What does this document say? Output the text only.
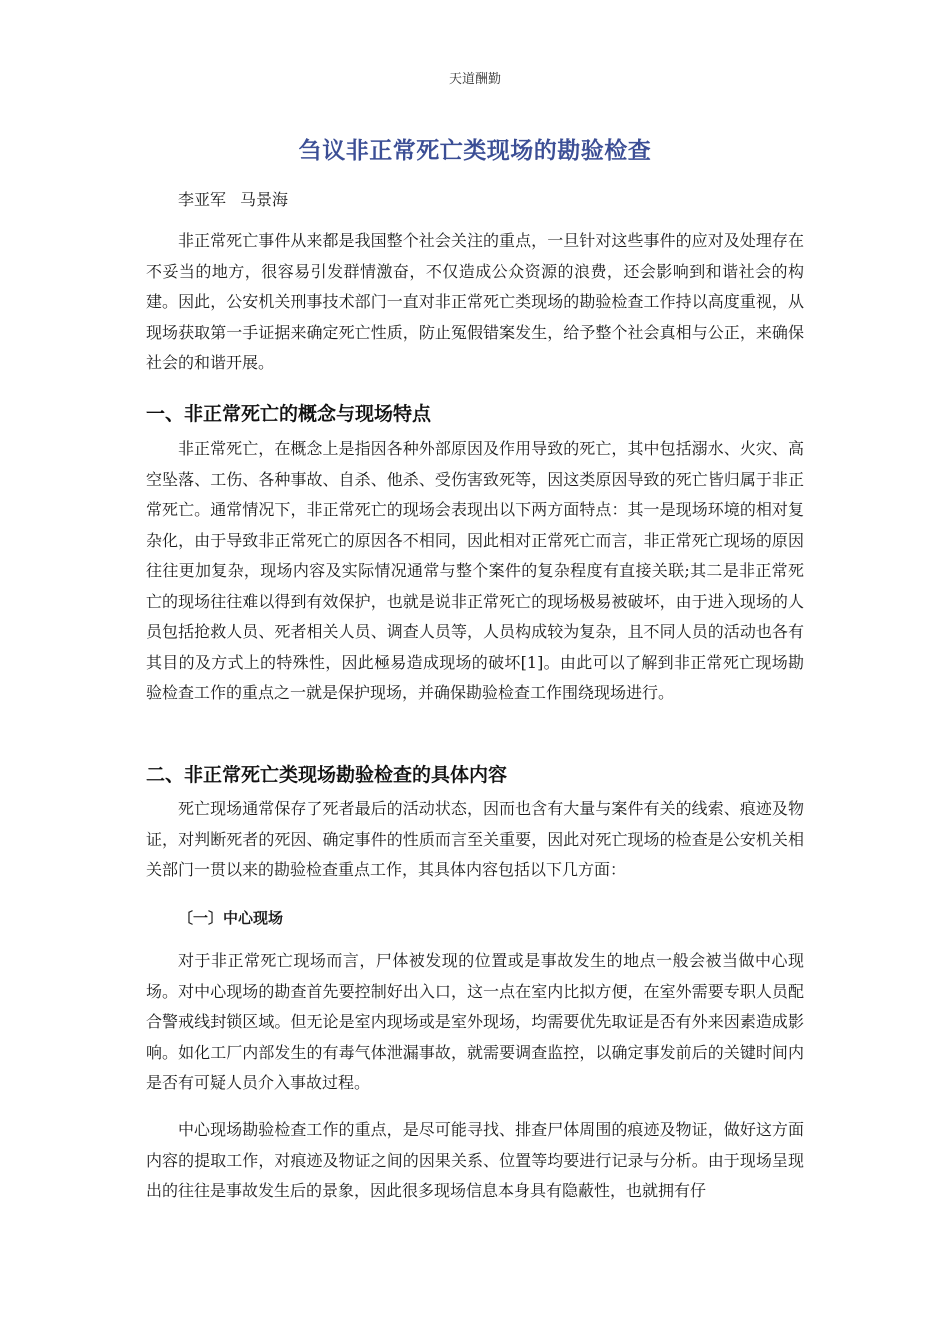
天道酬勤
刍议非正常死亡类现场的勘验检查
李亚军 马景海

非正常死亡事件从来都是我国整个社会关注的重点，一旦针对这些事件的应对及处理存在不妥当的地方，很容易引发群情激奋，不仅造成公众资源的浪费，还会影响到和谐社会的构建。因此，公安机关刑事技术部门一直对非正常死亡类现场的勘验检查工作持以高度重视，从现场获取第一手证据来确定死亡性质，防止冤假错案发生，给予整个社会真相与公正，来确保社会的和谐开展。

一、非正常死亡的概念与现场特点

非正常死亡，在概念上是指因各种外部原因及作用导致的死亡，其中包括溺水、火灾、高空坠落、工伤、各种事故、自杀、他杀、受伤害致死等，因这类原因导致的死亡皆归属于非正常死亡。通常情况下，非正常死亡的现场会表现出以下两方面特点：其一是现场环境的相对复杂化，由于导致非正常死亡的原因各不相同，因此相对正常死亡而言，非正常死亡现场的原因往往更加复杂，现场内容及实际情况通常与整个案件的复杂程度有直接关联;其二是非正常死亡的现场往往难以得到有效保护，也就是说非正常死亡的现场极易被破坏，由于进入现场的人员包括抢救人员、死者相关人员、调查人员等，人员构成较为复杂，且不同人员的活动也各有其目的及方式上的特殊性，因此極易造成现场的破坏[1]。由此可以了解到非正常死亡现场勘验检查工作的重点之一就是保护现场，并确保勘验检查工作围绕现场进行。

二、非正常死亡类现场勘验检查的具体内容

死亡现场通常保存了死者最后的活动状态，因而也含有大量与案件有关的线索、痕迹及物证，对判断死者的死因、确定事件的性质而言至关重要，因此对死亡现场的检查是公安机关相关部门一贯以来的勘验检查重点工作，其具体内容包括以下几方面：

〔一〕中心现场

对于非正常死亡现场而言，尸体被发现的位置或是事故发生的地点一般会被当做中心现场。对中心现场的勘查首先要控制好出入口，这一点在室内比拟方便，在室外需要专职人员配合警戒线封锁区域。但无论是室内现场或是室外现场，均需要优先取证是否有外来因素造成影响。如化工厂内部发生的有毒气体泄漏事故，就需要调查监控，以确定事发前后的关键时间内是否有可疑人员介入事故过程。

中心现场勘验检查工作的重点，是尽可能寻找、排查尸体周围的痕迹及物证，做好这方面内容的提取工作，对痕迹及物证之间的因果关系、位置等均要进行记录与分析。由于现场呈现出的往往是事故发生后的景象，因此很多现场信息本身具有隐蔽性，也就拥有仔
